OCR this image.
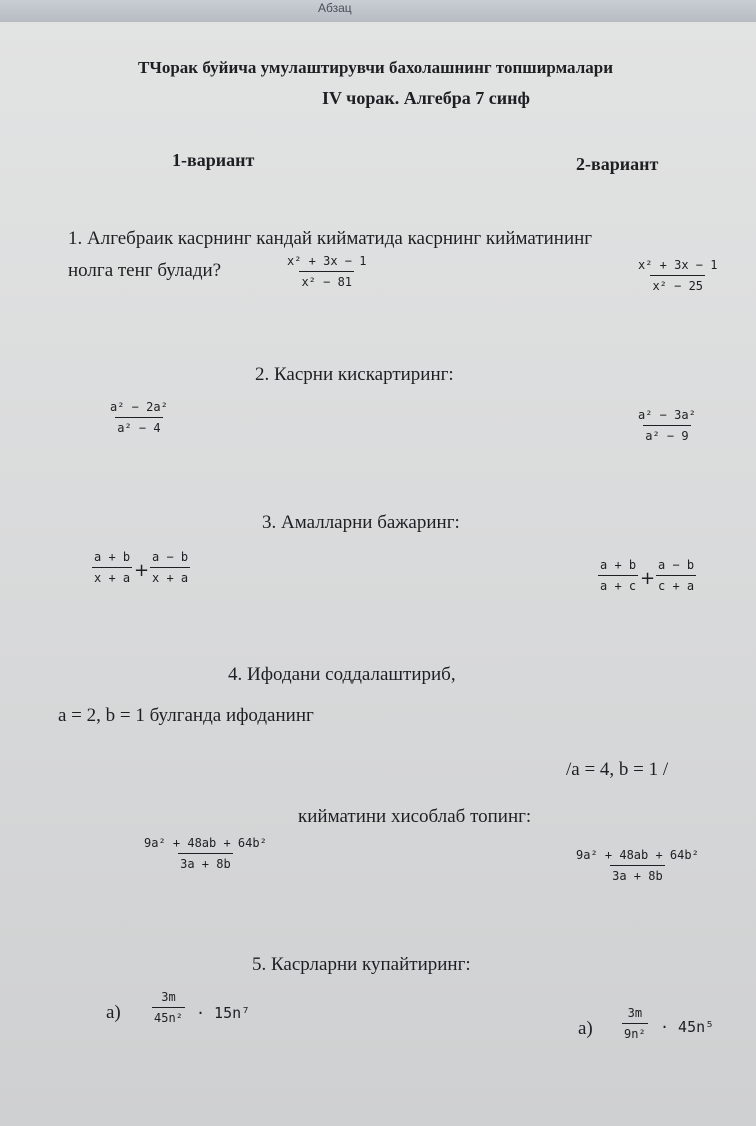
Абзац
ТЧорак буйича умулаштирувчи бахолашнинг топширмалари
IV чорак. Алгебра 7 синф
1-вариант	2-вариант
1. Алгебраик касрнинг кандай кийматида касрнинг кийматининг
нолга тенг булади?	$\frac{\text{x² + 3x − 1}}{\text{x² − 81}}$	$\frac{\text{x² + 3x − 1}}{\text{x² − 25}}$
2. Касрни кискартиринг:
$\frac{\text{a² − 2a²}}{\text{a² − 4}}$	$\frac{\text{a² − 3a²}}{\text{a² − 9}}$
3. Амалларни бажаринг:
$\frac{a + b}{x + a} + \frac{a - b}{x + a}$	$\frac{a + b}{a + c} + \frac{a - b}{c + a}$
4. Ифодани соддалаштириб,
a = 2, b = 1 булганда ифоданинг
/a = 4, b = 1 /
кийматини хисоблаб топинг:
$\frac{\text{9a² + 48ab + 64b²}}{3a + 8b}$	$\frac{\text{9a² + 48ab + 64b²}}{3a + 8b}$
5. Касрларни купайтиринг:
а)	$\frac{3m}{\text{45n²}} \cdot 15n^7$
$а) \frac{3m}{\text{9n²}} \cdot 45n^5$
